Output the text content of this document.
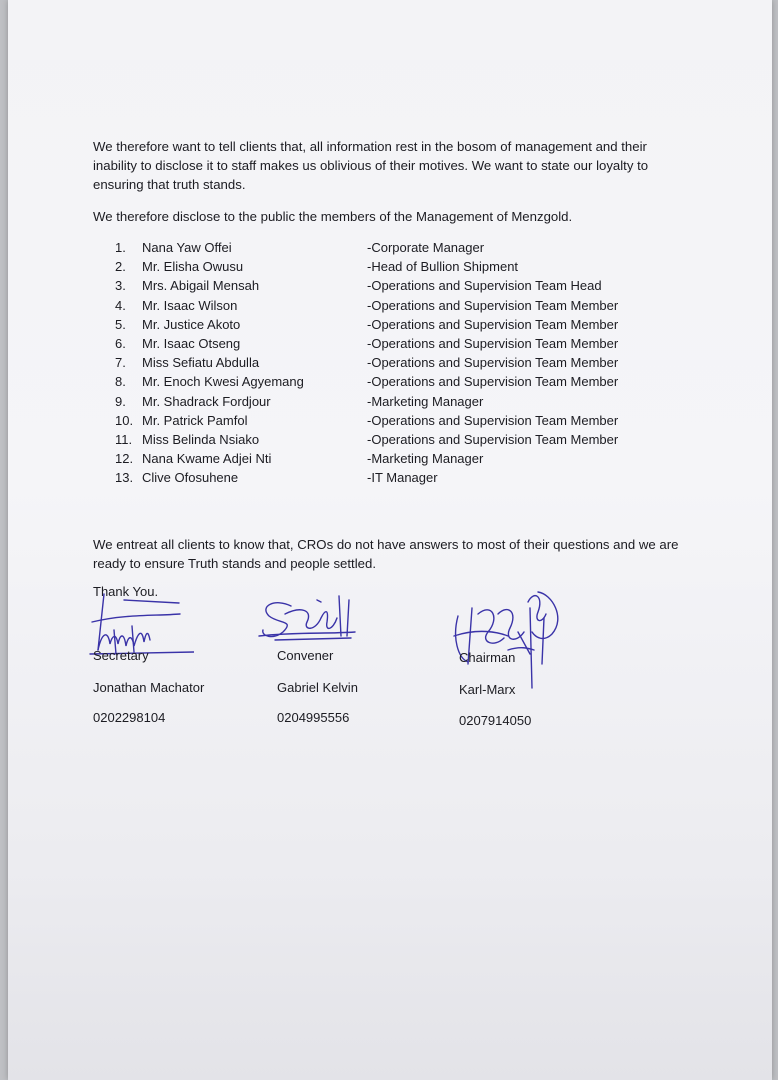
We therefore want to tell clients that, all information rest in the bosom of management and their inability to disclose it to staff makes us oblivious of their motives. We want to state our loyalty to ensuring that truth stands.
We therefore disclose to the public the members of the Management of Menzgold.
1.	Nana Yaw Offei	-Corporate Manager
2.	Mr. Elisha Owusu	-Head of Bullion Shipment
3.	Mrs. Abigail Mensah	-Operations and Supervision Team Head
4.	Mr. Isaac Wilson	-Operations and Supervision Team Member
5.	Mr. Justice Akoto	-Operations and Supervision Team Member
6.	Mr. Isaac Otseng	-Operations and Supervision Team Member
7.	Miss Sefiatu Abdulla	-Operations and Supervision Team Member
8.	Mr. Enoch Kwesi Agyemang	-Operations and Supervision Team Member
9.	Mr. Shadrack Fordjour	-Marketing Manager
10. Mr. Patrick Pamfol	-Operations and Supervision Team Member
11. Miss Belinda Nsiako	-Operations and Supervision Team Member
12. Nana Kwame Adjei Nti	-Marketing Manager
13. Clive Ofosuhene	-IT Manager
We entreat all clients to know that, CROs do not have answers to most of their questions and we are ready to ensure Truth stands and people settled.
Thank You.
Secretary
Jonathan Machator
0202298104
Convener
Gabriel Kelvin
0204995556
Chairman
Karl-Marx
0207914050
